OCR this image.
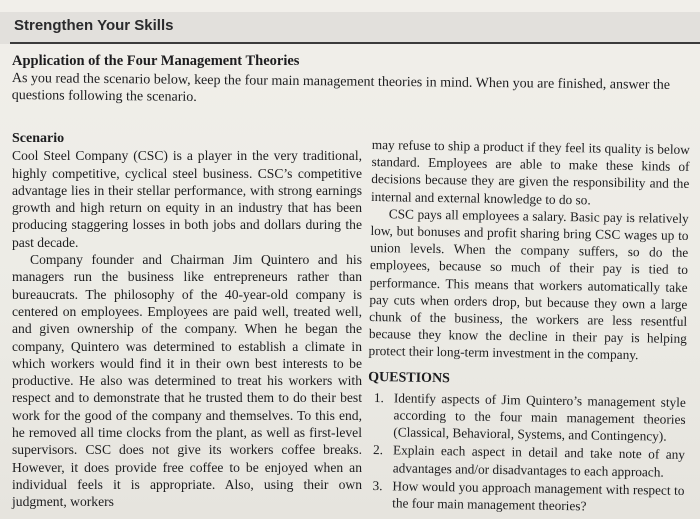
Strengthen Your Skills
Application of the Four Management Theories
As you read the scenario below, keep the four main management theories in mind. When you are finished, answer the questions following the scenario.
Scenario

Cool Steel Company (CSC) is a player in the very traditional, highly competitive, cyclical steel business. CSC’s competitive advantage lies in their stellar performance, with strong earnings growth and high return on equity in an industry that has been producing staggering losses in both jobs and dollars during the past decade.

Company founder and Chairman Jim Quintero and his managers run the business like entrepreneurs rather than bureaucrats. The philosophy of the 40-year-old company is centered on employees. Employees are paid well, treated well, and given ownership of the company. When he began the company, Quintero was determined to establish a climate in which workers would find it in their own best interests to be productive. He also was determined to treat his workers with respect and to demonstrate that he trusted them to do their best work for the good of the company and themselves. To this end, he removed all time clocks from the plant, as well as first-level supervisors. CSC does not give its workers coffee breaks. However, it does provide free coffee to be enjoyed when an individual feels it is appropriate. Also, using their own judgment, workers

may refuse to ship a product if they feel its quality is below standard. Employees are able to make these kinds of decisions because they are given the responsibility and the internal and external knowledge to do so.

CSC pays all employees a salary. Basic pay is relatively low, but bonuses and profit sharing bring CSC wages up to union levels. When the company suffers, so do the employees, because so much of their pay is tied to performance. This means that workers automatically take pay cuts when orders drop, but because they own a large chunk of the business, the workers are less resentful because they know the decline in their pay is helping protect their long-term investment in the company.

QUESTIONS
1. Identify aspects of Jim Quintero’s management style according to the four main management theories (Classical, Behavioral, Systems, and Contingency).
2. Explain each aspect in detail and take note of any advantages and/or disadvantages to each approach.
3. How would you approach management with respect to the four main management theories?
